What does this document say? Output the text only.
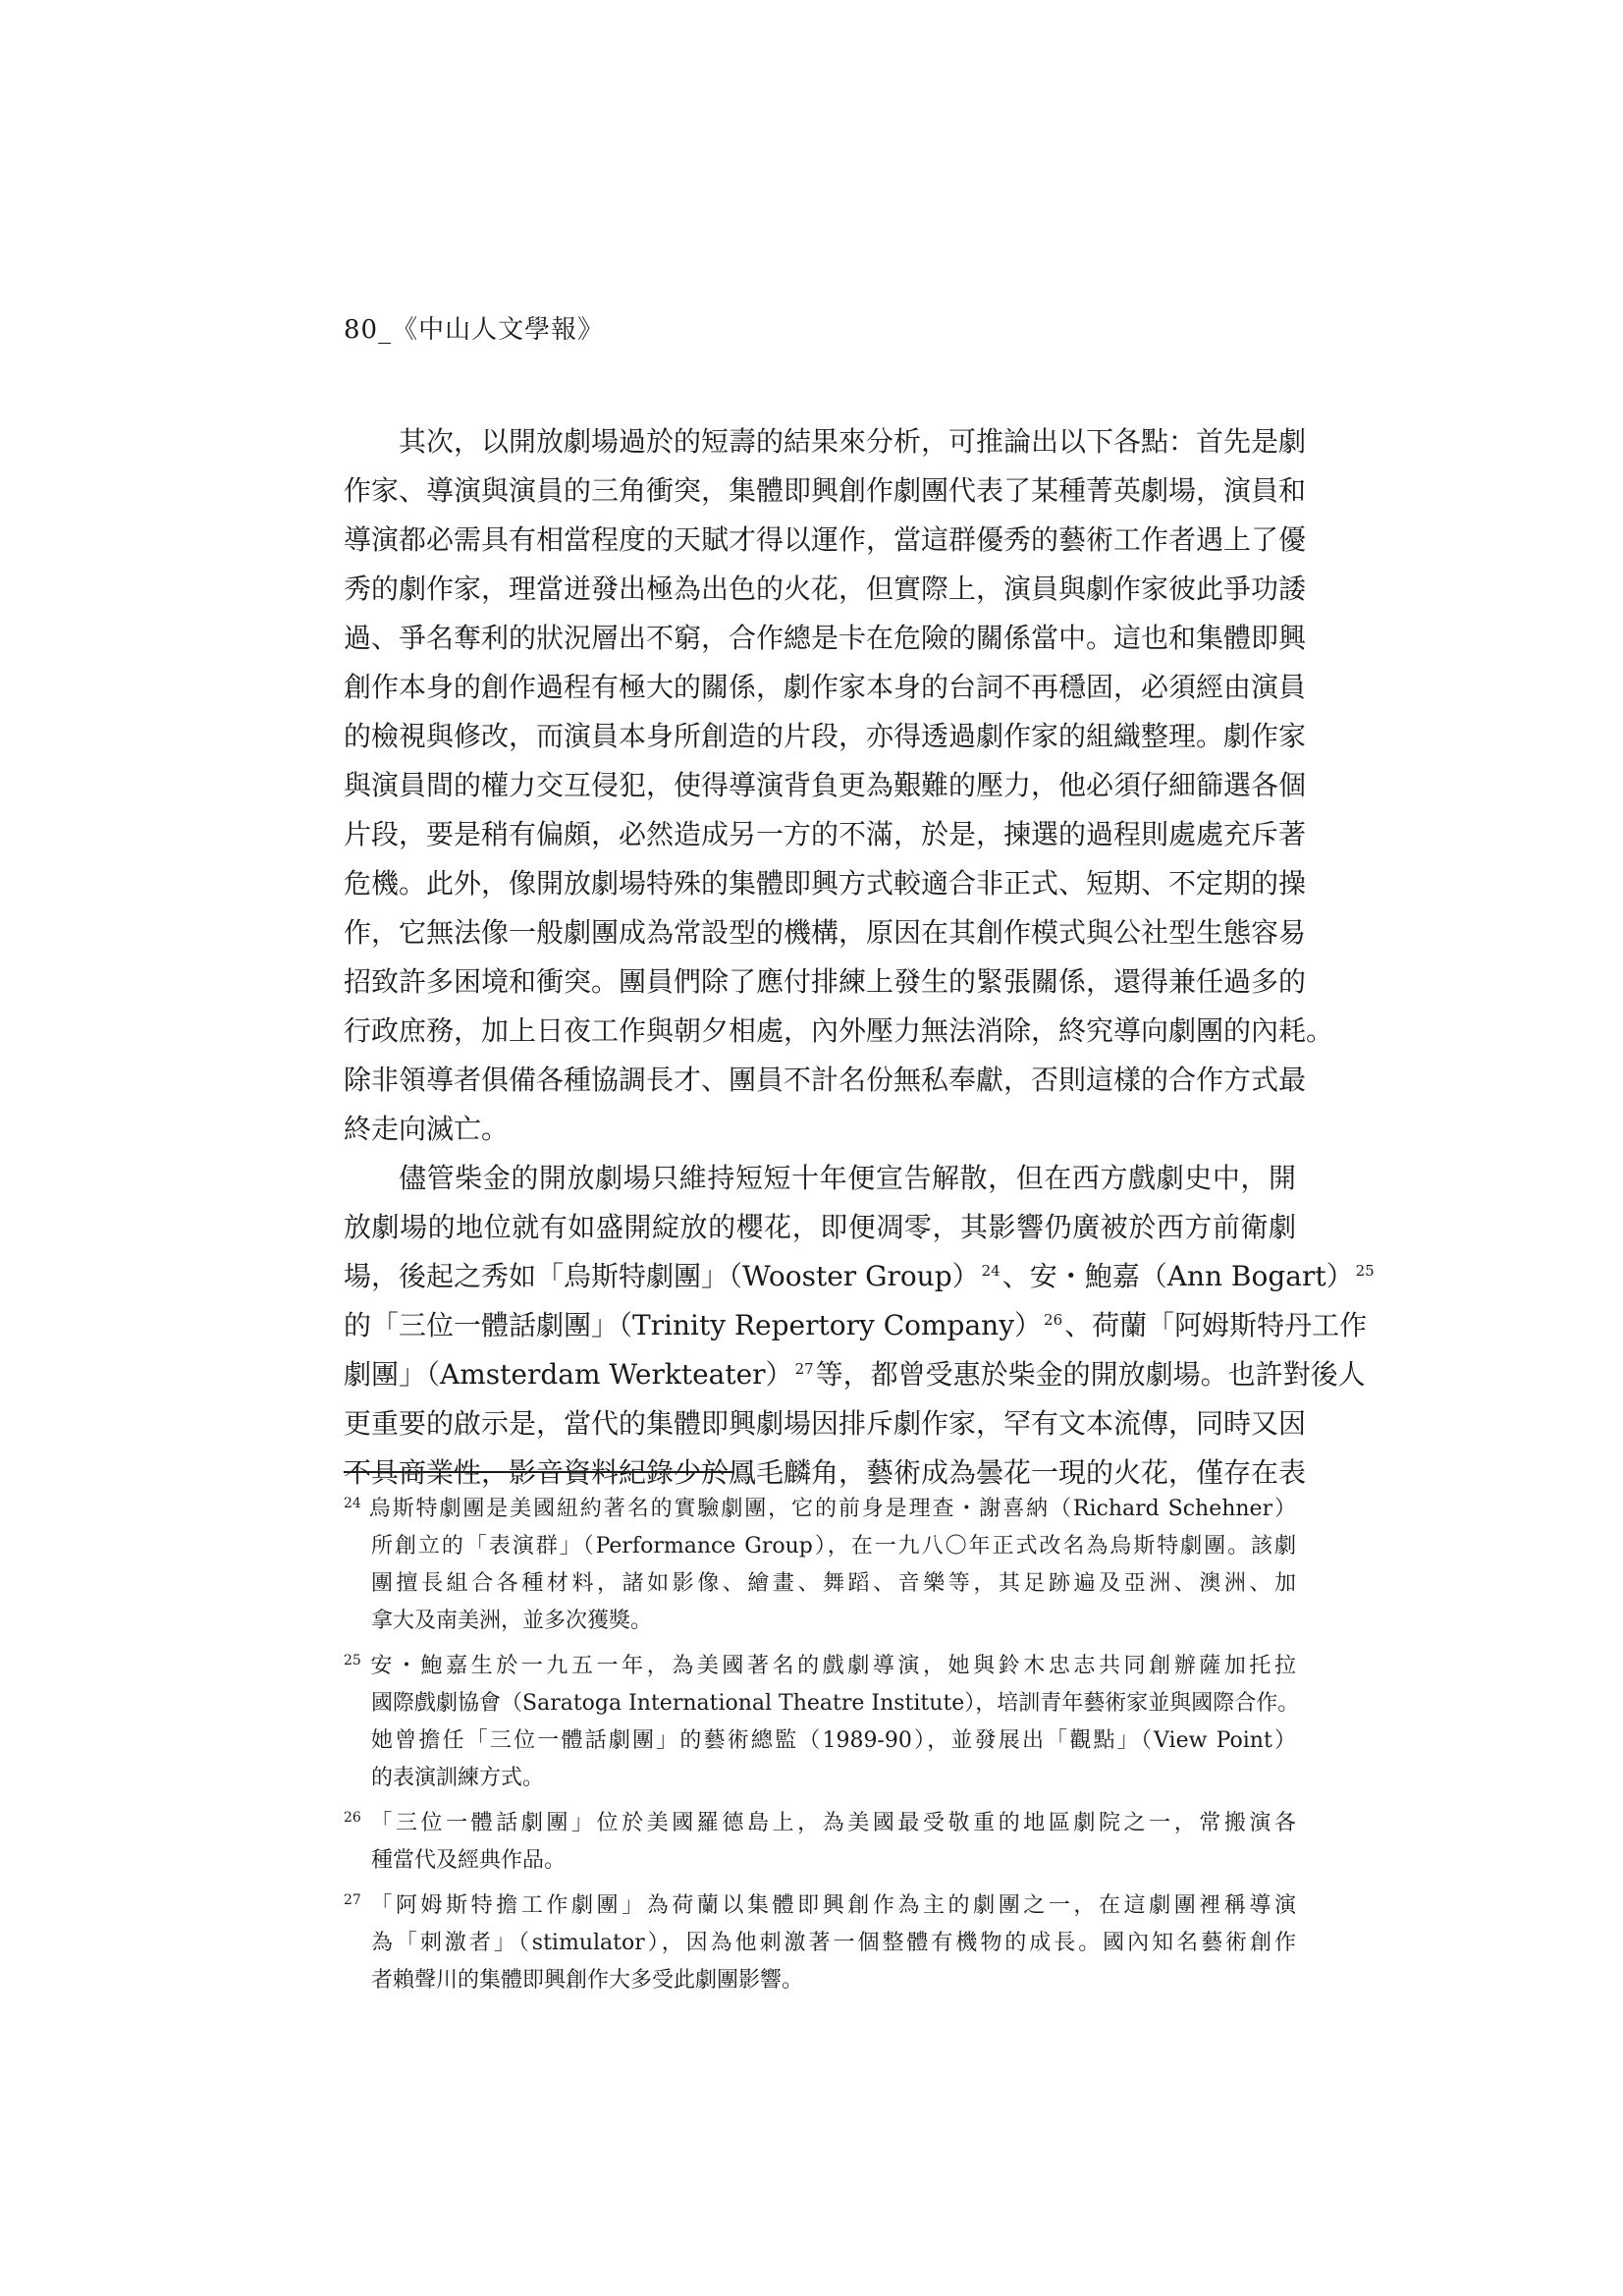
80_《中山人文學報》
其次，以開放劇場過於的短壽的結果來分析，可推論出以下各點：首先是劇
作家、導演與演員的三角衝突，集體即興創作劇團代表了某種菁英劇場，演員和
導演都必需具有相當程度的天賦才得以運作，當這群優秀的藝術工作者遇上了優
秀的劇作家，理當迸發出極為出色的火花，但實際上，演員與劇作家彼此爭功諉
過、爭名奪利的狀況層出不窮，合作總是卡在危險的關係當中。這也和集體即興
創作本身的創作過程有極大的關係，劇作家本身的台詞不再穩固，必須經由演員
的檢視與修改，而演員本身所創造的片段，亦得透過劇作家的組織整理。劇作家
與演員間的權力交互侵犯，使得導演背負更為艱難的壓力，他必須仔細篩選各個
片段，要是稍有偏頗，必然造成另一方的不滿，於是，揀選的過程則處處充斥著
危機。此外，像開放劇場特殊的集體即興方式較適合非正式、短期、不定期的操
作，它無法像一般劇團成為常設型的機構，原因在其創作模式與公社型生態容易
招致許多困境和衝突。團員們除了應付排練上發生的緊張關係，還得兼任過多的
行政庶務，加上日夜工作與朝夕相處，內外壓力無法消除，終究導向劇團的內耗。
除非領導者俱備各種協調長才、團員不計名份無私奉獻，否則這樣的合作方式最
終走向滅亡。
儘管柴金的開放劇場只維持短短十年便宣告解散，但在西方戲劇史中，開
放劇場的地位就有如盛開綻放的櫻花，即便凋零，其影響仍廣被於西方前衛劇
場，後起之秀如「烏斯特劇團」（Wooster Group） $^{24}$、安・鮑嘉（Ann Bogart） $^{25}$
的「三位一體話劇團」（Trinity Repertory Company） $^{26}$、荷蘭「阿姆斯特丹工作
劇團」（Amsterdam Werkteater） $^{27}$等，都曾受惠於柴金的開放劇場。也許對後人
更重要的啟示是，當代的集體即興劇場因排斥劇作家，罕有文本流傳，同時又因
不具商業性，影音資料紀錄少於鳳毛麟角，藝術成為曇花一現的火花，僅存在表
$^{24}$ 烏斯特劇團是美國紐約著名的實驗劇團，它的前身是理查・謝喜納（Richard Schehner）
所創立的「表演群」（Performance Group），在一九八〇年正式改名為烏斯特劇團。該劇
團擅長組合各種材料，諸如影像、繪畫、舞蹈、音樂等，其足跡遍及亞洲、澳洲、加
拿大及南美洲，並多次獲獎。
$^{25}$ 安・鮑嘉生於一九五一年，為美國著名的戲劇導演，她與鈴木忠志共同創辦薩加托拉
國際戲劇協會（Saratoga International Theatre Institute），培訓青年藝術家並與國際合作。
她曾擔任「三位一體話劇團」的藝術總監（1989-90），並發展出「觀點」（View Point）
的表演訓練方式。
$^{26}$ 「三位一體話劇團」位於美國羅德島上，為美國最受敬重的地區劇院之一，常搬演各
種當代及經典作品。
$^{27}$ 「阿姆斯特擔工作劇團」為荷蘭以集體即興創作為主的劇團之一，在這劇團裡稱導演
為「刺激者」（stimulator），因為他刺激著一個整體有機物的成長。國內知名藝術創作
者賴聲川的集體即興創作大多受此劇團影響。
